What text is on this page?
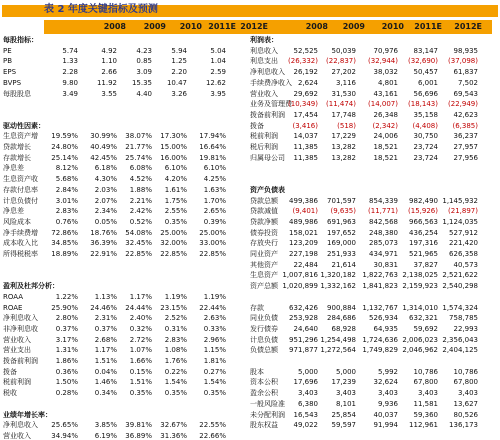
表 2 年度关键指标及预测
2008	2009	2010 2011E 2012E	2008	2009	2010	2011E	2012E
每股指标：
PE	5.74	4.92	4.23	5.94	5.04
PB	1.33	1.10	0.85	1.25	1.04
EPS	2.28	2.66	3.09	2.20	2.59
BVPS	9.80	11.92	15.35	10.47	12.62
每股股息	3.49	3.55	4.40	3.26	3.95
驱动性因素：
生息资产增	19.59%	30.99%	38.07%	17.30%	17.94%
贷款增长	24.80%	40.49%	21.77%	15.00%	16.64%
存款增长	25.14%	42.45%	25.74%	16.00%	19.81%
净息差	8.12%	6.18%	6.08%	6.10%	6.10%
生息资产收	5.68%	4.30%	4.52%	4.20%	4.25%
存款付息率	2.84%	2.03%	1.88%	1.61%	1.63%
计息负债付	3.01%	2.07%	2.21%	1.75%	1.70%
净息差	2.83%	2.34%	2.42%	2.55%	2.65%
风险成本	0.76%	0.05%	0.52%	0.35%	0.39%
净手续费增	72.86%	18.76%	54.08%	25.00%	25.00%
成本收入比	34.85%	36.39%	32.45%	32.00%	33.00%
所得税税率	18.89%	22.91%	22.85%	22.85%	22.85%
盈利及杜邦分析：
ROAA	1.22%	1.13%	1.17%	1.19%	1.19%
ROAE	25.90%	24.46%	24.44%	23.15%	22.44%
净利息收入	2.80%	2.31%	2.40%	2.52%	2.63%
非净利息收	0.37%	0.37%	0.32%	0.31%	0.33%
营业收入	3.17%	2.68%	2.72%	2.83%	2.96%
营业支出	1.31%	1.17%	1.07%	1.08%	1.15%
拨备前利润	1.86%	1.51%	1.66%	1.76%	1.81%
拨备	0.36%	0.04%	0.15%	0.22%	0.27%
税前利润	1.50%	1.46%	1.51%	1.54%	1.54%
税收	0.28%	0.34%	0.35%	0.35%	0.35%
业绩年增长率：
净利息收入	25.65%	3.85%	39.81%	32.67%	22.55%
营业收入	34.94%	6.19%	36.89%	31.36%	22.66%
利润表：
利息收入	52,525	50,039	70,976	83,147	98,935
利息支出	(26,332)	(22,837)	(32,944)	(32,690)	(37,098)
净利息收入	26,192	27,202	38,032	50,457	61,837
手续费净收入 2,624	3,116	4,801	6,001	7,502
营业收入	29,692	31,530	43,161	56,696	69,543
业务及管理费
(10,349)	(11,474)	(14,007)	(18,143)	(22,949)
拨备前利润	17,454	17,748	26,348	35,158	42,623
拨备	(3,416)	(518)	(2,342)	(4,408)	(6,385)
税前利润	14,037	17,229	24,006	30,750	36,237
税后利润	11,385	13,282	18,521	23,724	27,957
归属母公司	11,385	13,282	18,521	23,724	27,956
资产负债表
贷款总额	499,386	701,597	854,339	982,490 1,145,932
贷款减值	(9,401)	(9,635)	(11,771)	(15,926)	(21,897)
贷款净额	489,986	691,963	842,568	966,563 1,124,035
债券投资	158,021	197,652	248,380	436,254	527,912
存放央行	123,209	169,000	285,073	197,316	221,420
同业资产	227,198	251,933	434,971	521,965	626,358
其他资产	22,484	21,614	30,831	37,827	40,573
生息资产 1,007,816 1,320,182 1,822,763 2,138,025 2,521,622
资产总额 1,020,899 1,332,162 1,841,823 2,159,923 2,540,298
存款	632,426	900,884 1,132,767 1,314,010 1,574,324
同业负债	253,928	284,686	526,934	632,321	758,785
发行债券	24,640	68,928	64,935	59,692	22,993
计息负债	951,296 1,254,498 1,724,636 2,006,023 2,356,043
负债总额	971,877 1,272,564 1,749,829 2,046,962 2,404,125
股本	5,000	5,000	5,992	10,786	10,786
资本公积	17,696	17,239	32,624	67,800	67,800
盈余公积	3,403	3,403	3,403	3,403	3,403
一般风险准	6,380	8,101	9,936	11,581	13,627
未分配利润	16,543	25,854	40,037	59,360	80,526
股东权益	49,022	59,597	91,994	112,961	136,173
